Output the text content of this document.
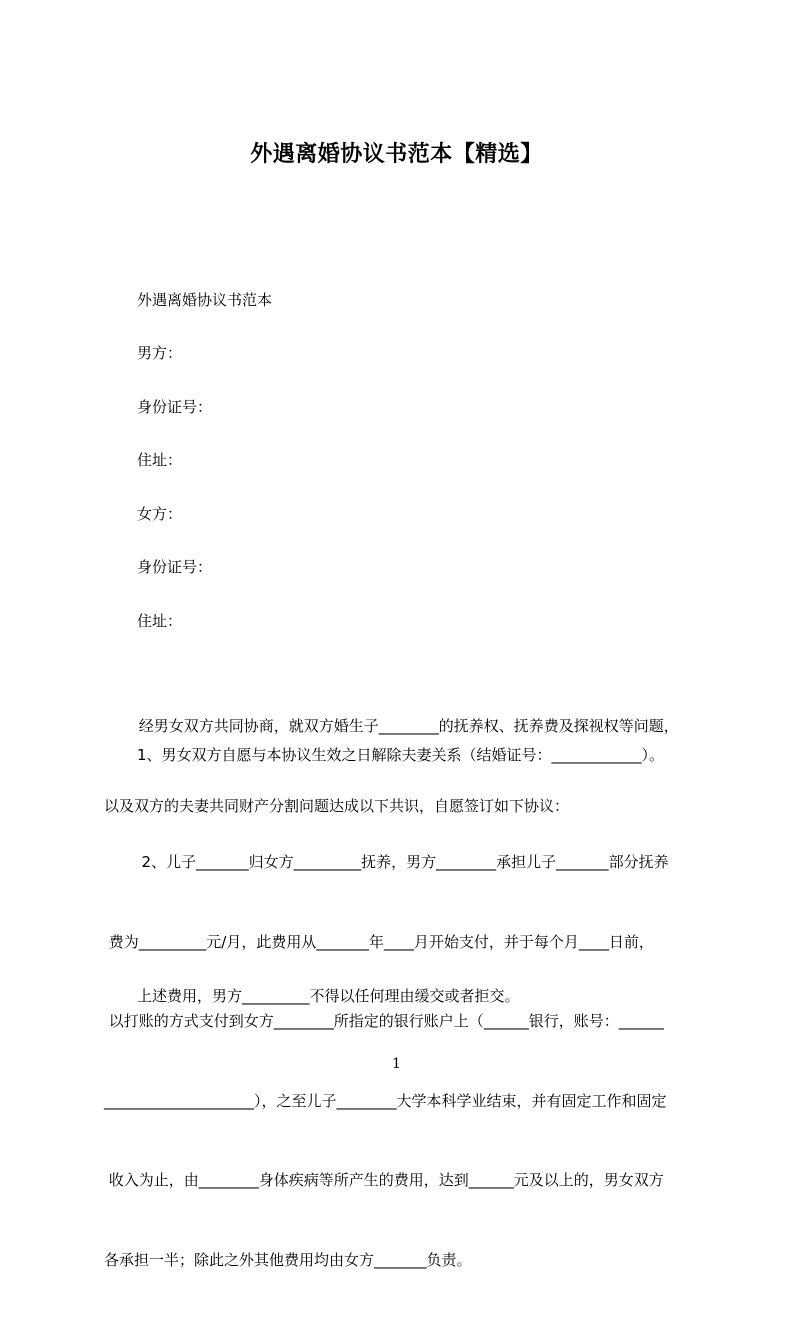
外遇离婚协议书范本【精选】
外遇离婚协议书范本
男方：
身份证号：
住址：
女方：
身份证号：
住址：

经男女双方共同协商，就双方婚生子________的抚养权、抚养费及探视权等问题，

以及双方的夫妻共同财产分割问题达成以下共识，自愿签订如下协议：

1、男女双方自愿与本协议生效之日解除夫妻关系（结婚证号：____________）。

2、儿子_______归女方_________抚养，男方________承担儿子_______部分抚养

费为_________元/月，此费用从_______年____月开始支付，并于每个月____日前，

以打账的方式支付到女方________所指定的银行账户上（______银行，账号：______

____________________），之至儿子________大学本科学业结束，并有固定工作和固定

收入为止，由________身体疾病等所产生的费用，达到______元及以上的，男女双方

各承担一半；除此之外其他费用均由女方_______负责。

上述费用，男方_________不得以任何理由缓交或者拒交。
1
